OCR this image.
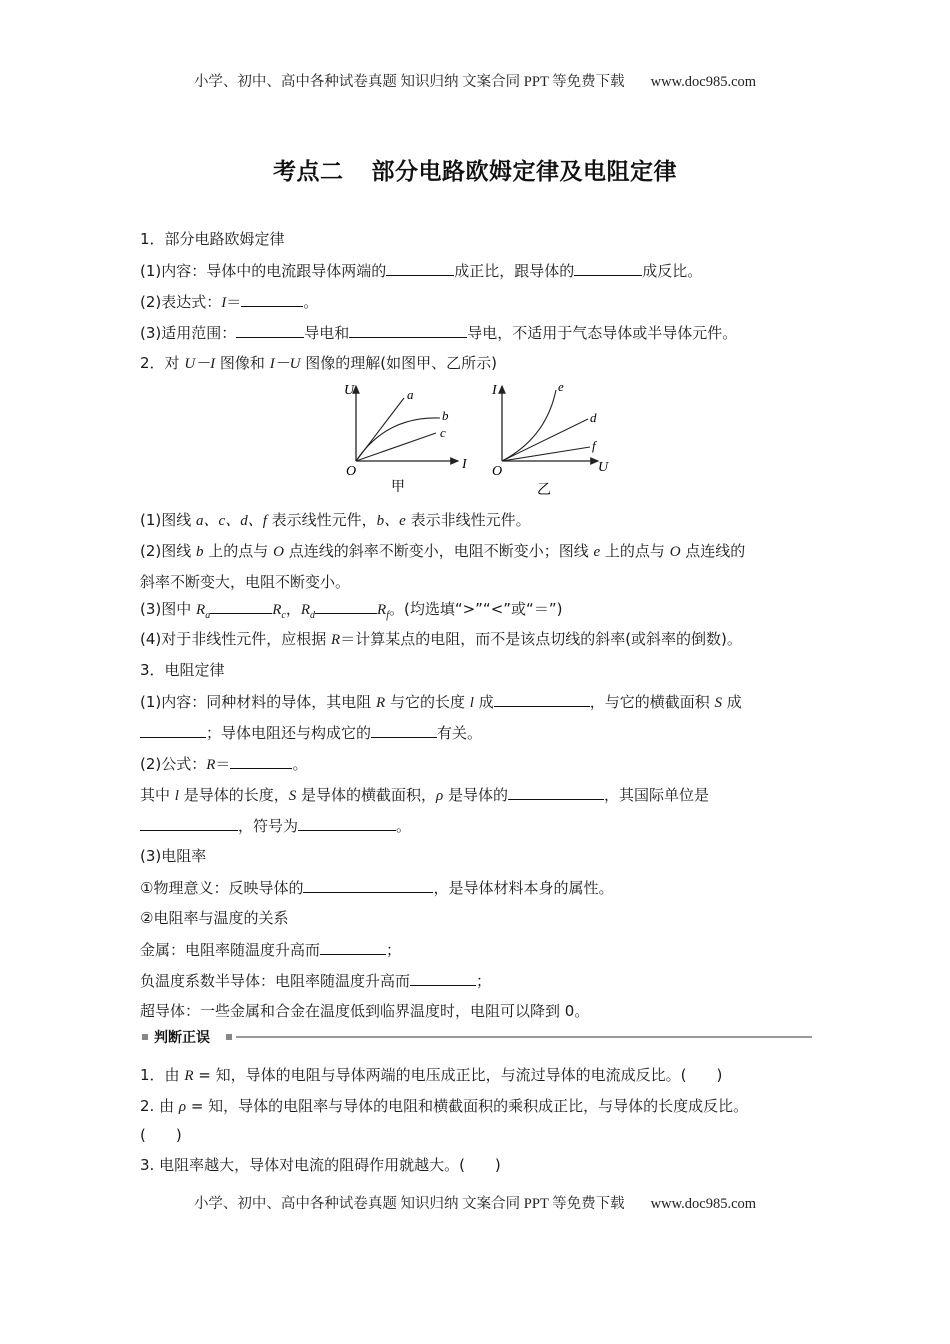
小学、初中、高中各种试卷真题 知识归纳 文案合同 PPT 等免费下载 www.doc985.com
考点二 部分电路欧姆定律及电阻定律
1．部分电路欧姆定律
(1)内容：导体中的电流跟导体两端的	成正比，跟导体的	成反比。
(2)表达式：I＝	。
(3)适用范围：	导电和	导电，不适用于气态导体或半导体元件。
2．对 U－I 图像和 I－U 图像的理解(如图甲、乙所示)
U
I
O
a
b
c
甲
I
U
O
e
d
f
乙
(1)图线 a、c、d、f 表示线性元件，b、e 表示非线性元件。
(2)图线 b 上的点与 O 点连线的斜率不断变小，电阻不断变小；图线 e 上的点与 O 点连线的
斜率不断变大，电阻不断变小。
(3)图中 $R_a$	$R_c$，$R_d$	$R_f$。(均选填“>”“<”或“＝”)
(4)对于非线性元件，应根据 R＝计算某点的电阻，而不是该点切线的斜率(或斜率的倒数)。
3．电阻定律
(1)内容：同种材料的导体，其电阻 R 与它的长度 l 成	，与它的横截面积 S 成
；导体电阻还与构成它的	有关。
(2)公式：R＝	。
其中 l 是导体的长度，S 是导体的横截面积，ρ 是导体的	，其国际单位是
，符号为	。
(3)电阻率
①物理意义：反映导体的	，是导体材料本身的属性。
②电阻率与温度的关系
金属：电阻率随温度升高而	；
负温度系数半导体：电阻率随温度升高而	；
超导体：一些金属和合金在温度低到临界温度时，电阻可以降到 0。
判断正误
1．由 R = 知，导体的电阻与导体两端的电压成正比，与流过导体的电流成反比。(　　)
2. 由 ρ = 知，导体的电阻率与导体的电阻和横截面积的乘积成正比，与导体的长度成反比。
(　　)
3. 电阻率越大，导体对电流的阻碍作用就越大。(　　)
小学、初中、高中各种试卷真题 知识归纳 文案合同 PPT 等免费下载 www.doc985.com
